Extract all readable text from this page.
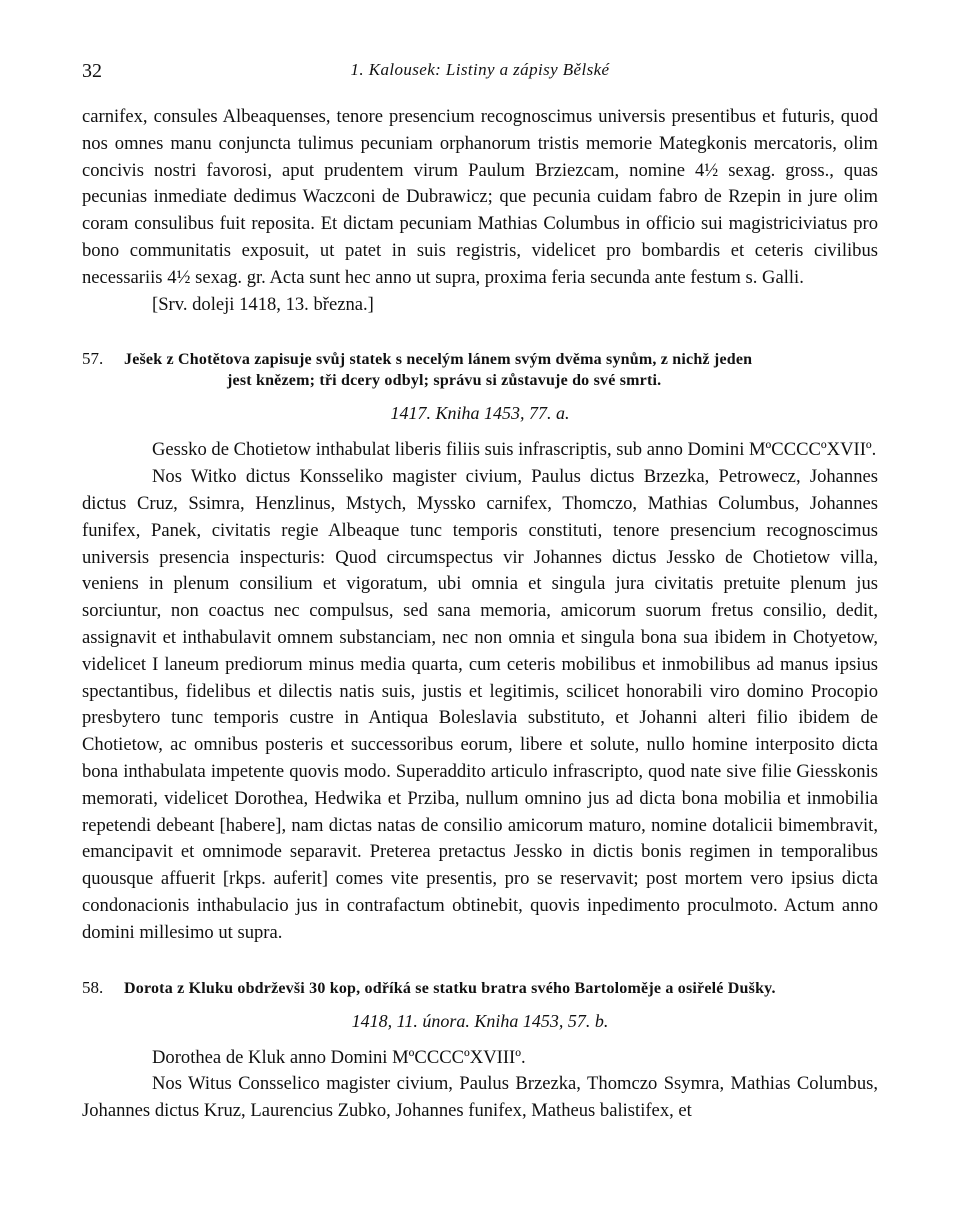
32	1. Kalousek: Listiny a zápisy Bělské

carnifex, consules Albeaquenses, tenore presencium recognoscimus universis presentibus et futuris, quod nos omnes manu conjuncta tulimus pecuniam orphanorum tristis memorie Mategkonis mercatoris, olim concivis nostri favorosi, aput prudentem virum Paulum Brziezcam, nomine 4½ sexag. gross., quas pecunias inmediate dedimus Waczconi de Dubrawicz; que pecunia cuidam fabro de Rzepin in jure olim coram consulibus fuit reposita. Et dictam pecuniam Mathias Columbus in officio sui magistriciviatus pro bono communitatis exposuit, ut patet in suis registris, videlicet pro bombardis et ceteris civilibus necessariis 4½ sexag. gr. Acta sunt hec anno ut supra, proxima feria secunda ante festum s. Galli.

[Srv. doleji 1418, 13. března.]

57. Ješek z Chotětova zapisuje svůj statek s necelým lánem svým dvěma synům, z nichž jeden

jest knězem; tři dcery odbyl; správu si zůstavuje do své smrti.

1417. Kniha 1453, 77. a.

Gessko de Chotietow inthabulat liberis filiis suis infrascriptis, sub anno Domini MºCCCCºXVIIº.

Nos Witko dictus Konsseliko magister civium, Paulus dictus Brzezka, Petrowecz, Johannes dictus Cruz, Ssimra, Henzlinus, Mstych, Myssko carnifex, Thomczo, Mathias Columbus, Johannes funifex, Panek, civitatis regie Albeaque tunc temporis constituti, tenore presencium recognoscimus universis presencia inspecturis: Quod circumspectus vir Johannes dictus Jessko de Chotietow villa, veniens in plenum consilium et vigoratum, ubi omnia et singula jura civitatis pretuite plenum jus sorciuntur, non coactus nec compulsus, sed sana memoria, amicorum suorum fretus consilio, dedit, assignavit et inthabulavit omnem substanciam, nec non omnia et singula bona sua ibidem in Chotyetow, videlicet I laneum prediorum minus media quarta, cum ceteris mobilibus et inmobilibus ad manus ipsius spectantibus, fidelibus et dilectis natis suis, justis et legitimis, scilicet honorabili viro domino Procopio presbytero tunc temporis custre in Antiqua Boleslavia substituto, et Johanni alteri filio ibidem de Chotietow, ac omnibus posteris et successoribus eorum, libere et solute, nullo homine interposito dicta bona inthabulata impetente quovis modo. Superaddito articulo infrascripto, quod nate sive filie Giesskonis memorati, videlicet Dorothea, Hedwika et Prziba, nullum omnino jus ad dicta bona mobilia et inmobilia repetendi debeant [habere], nam dictas natas de consilio amicorum maturo, nomine dotalicii bimembravit, emancipavit et omnimode separavit. Preterea pretactus Jessko in dictis bonis regimen in temporalibus quousque affuerit [rkps. auferit] comes vite presentis, pro se reservavit; post mortem vero ipsius dicta condonacionis inthabulacio jus in contrafactum obtinebit, quovis inpedimento proculmoto. Actum anno domini millesimo ut supra.

58. Dorota z Kluku obdrževši 30 kop, odříká se statku bratra svého Bartoloměje a osiřelé Dušky.

1418, 11. února. Kniha 1453, 57. b.

Dorothea de Kluk anno Domini MºCCCCºXVIIIº.

Nos Witus Consselico magister civium, Paulus Brzezka, Thomczo Ssymra, Mathias Columbus, Johannes dictus Kruz, Laurencius Zubko, Johannes funifex, Matheus balistifex, et
